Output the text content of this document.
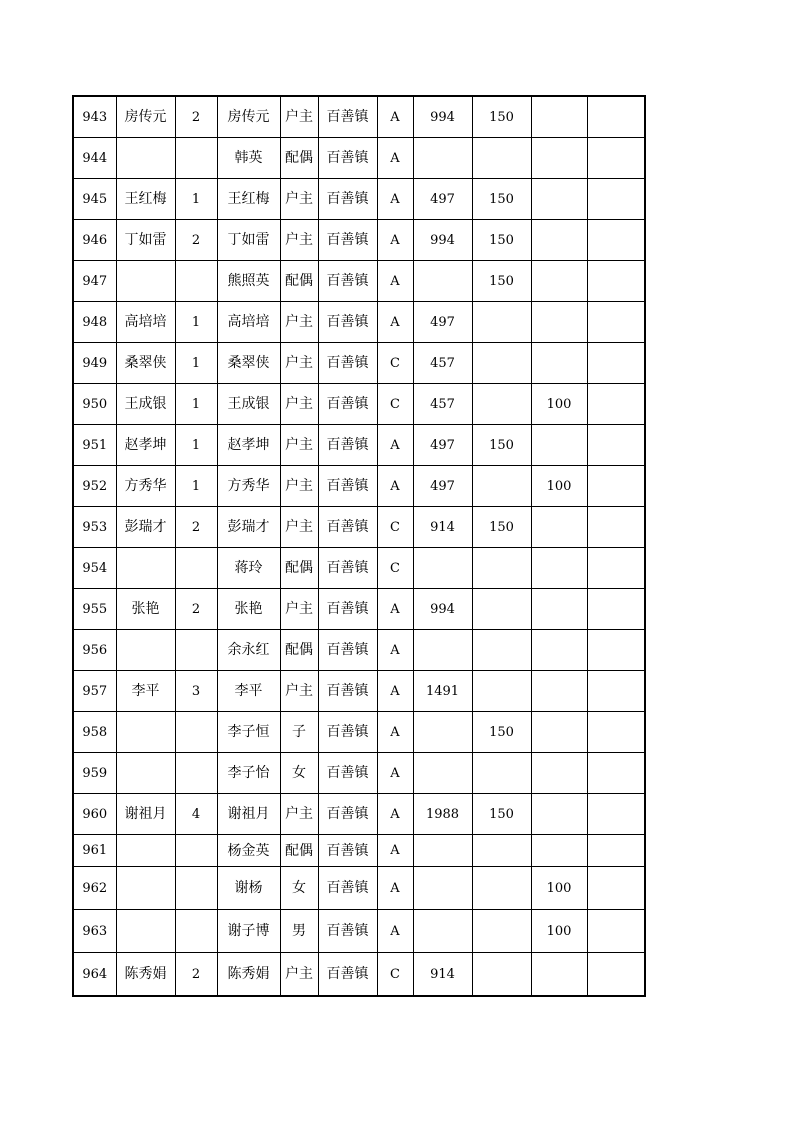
943	房传元	2	房传元	户主	百善镇	A	994	150		
944			韩英	配偶	百善镇	A				
945	王红梅	1	王红梅	户主	百善镇	A	497	150		
946	丁如雷	2	丁如雷	户主	百善镇	A	994	150		
947			熊照英	配偶	百善镇	A		150		
948	高培培	1	高培培	户主	百善镇	A	497			
949	桑翠侠	1	桑翠侠	户主	百善镇	C	457			
950	王成银	1	王成银	户主	百善镇	C	457		100	
951	赵孝坤	1	赵孝坤	户主	百善镇	A	497	150		
952	方秀华	1	方秀华	户主	百善镇	A	497		100	
953	彭瑞才	2	彭瑞才	户主	百善镇	C	914	150		
954			蒋玲	配偶	百善镇	C				
955	张艳	2	张艳	户主	百善镇	A	994			
956			余永红	配偶	百善镇	A				
957	李平	3	李平	户主	百善镇	A	1491			
958			李子恒	子	百善镇	A		150		
959			李子怡	女	百善镇	A				
960	谢祖月	4	谢祖月	户主	百善镇	A	1988	150		
961			杨金英	配偶	百善镇	A				
962			谢杨	女	百善镇	A			100	
963			谢子博	男	百善镇	A			100	
964	陈秀娟	2	陈秀娟	户主	百善镇	C	914			
